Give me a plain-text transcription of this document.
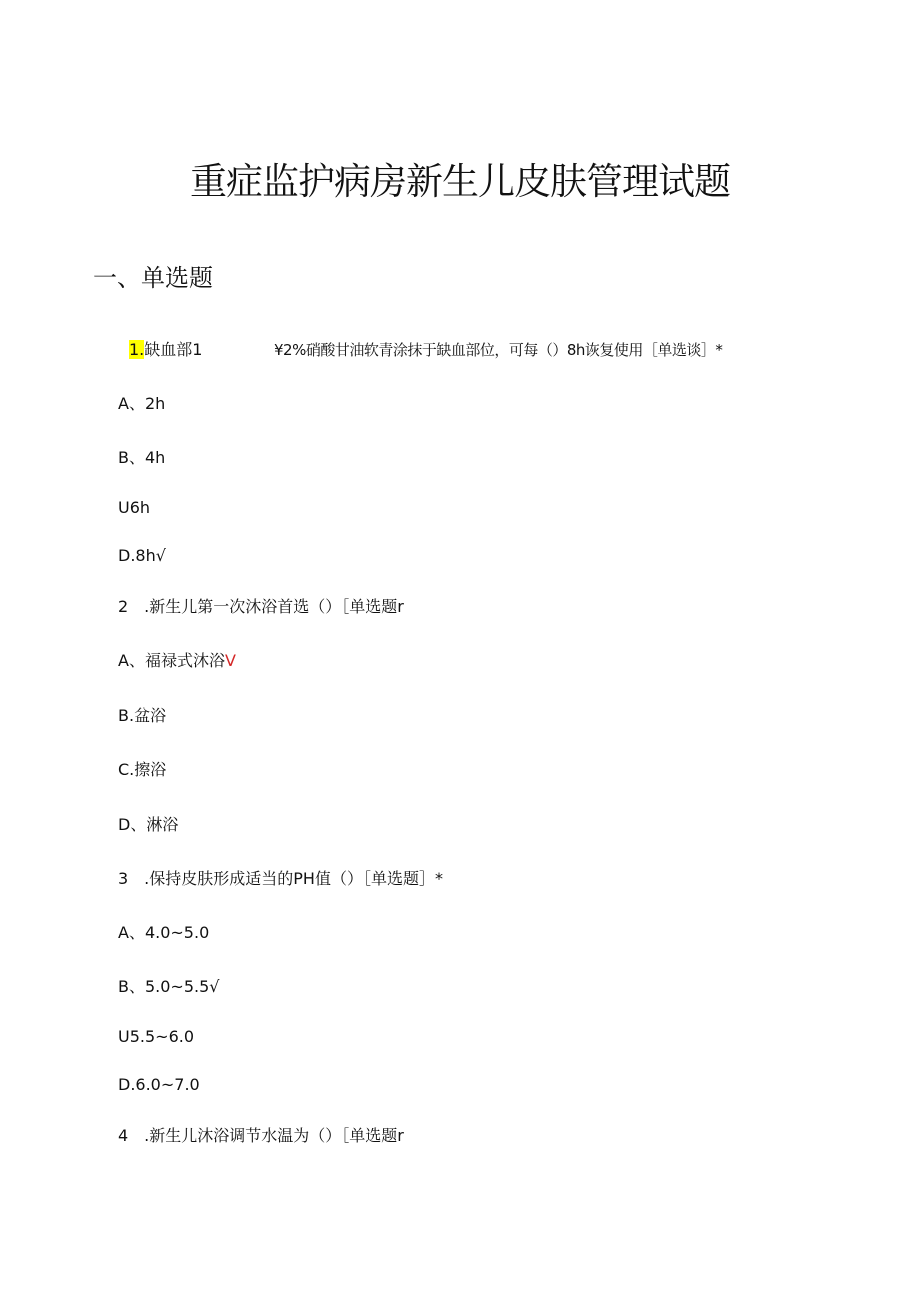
重症监护病房新生儿皮肤管理试题
一、单选题
1.缺血部1	¥2%硝酸甘油软青涂抹于缺血部位，可每（）8h诙复使用［单选谈］*
A、2h
B、4h
U6h
D.8h√
2　.新生儿第一次沐浴首选（）［单选题r
A、福禄式沐浴V
B.盆浴
C.擦浴
D、淋浴
3　.保持皮肤形成适当的PH值（）［单选题］*
A、4.0~5.0
B、5.0~5.5√
U5.5~6.0
D.6.0~7.0
4　.新生儿沐浴调节水温为（）［单选题r
